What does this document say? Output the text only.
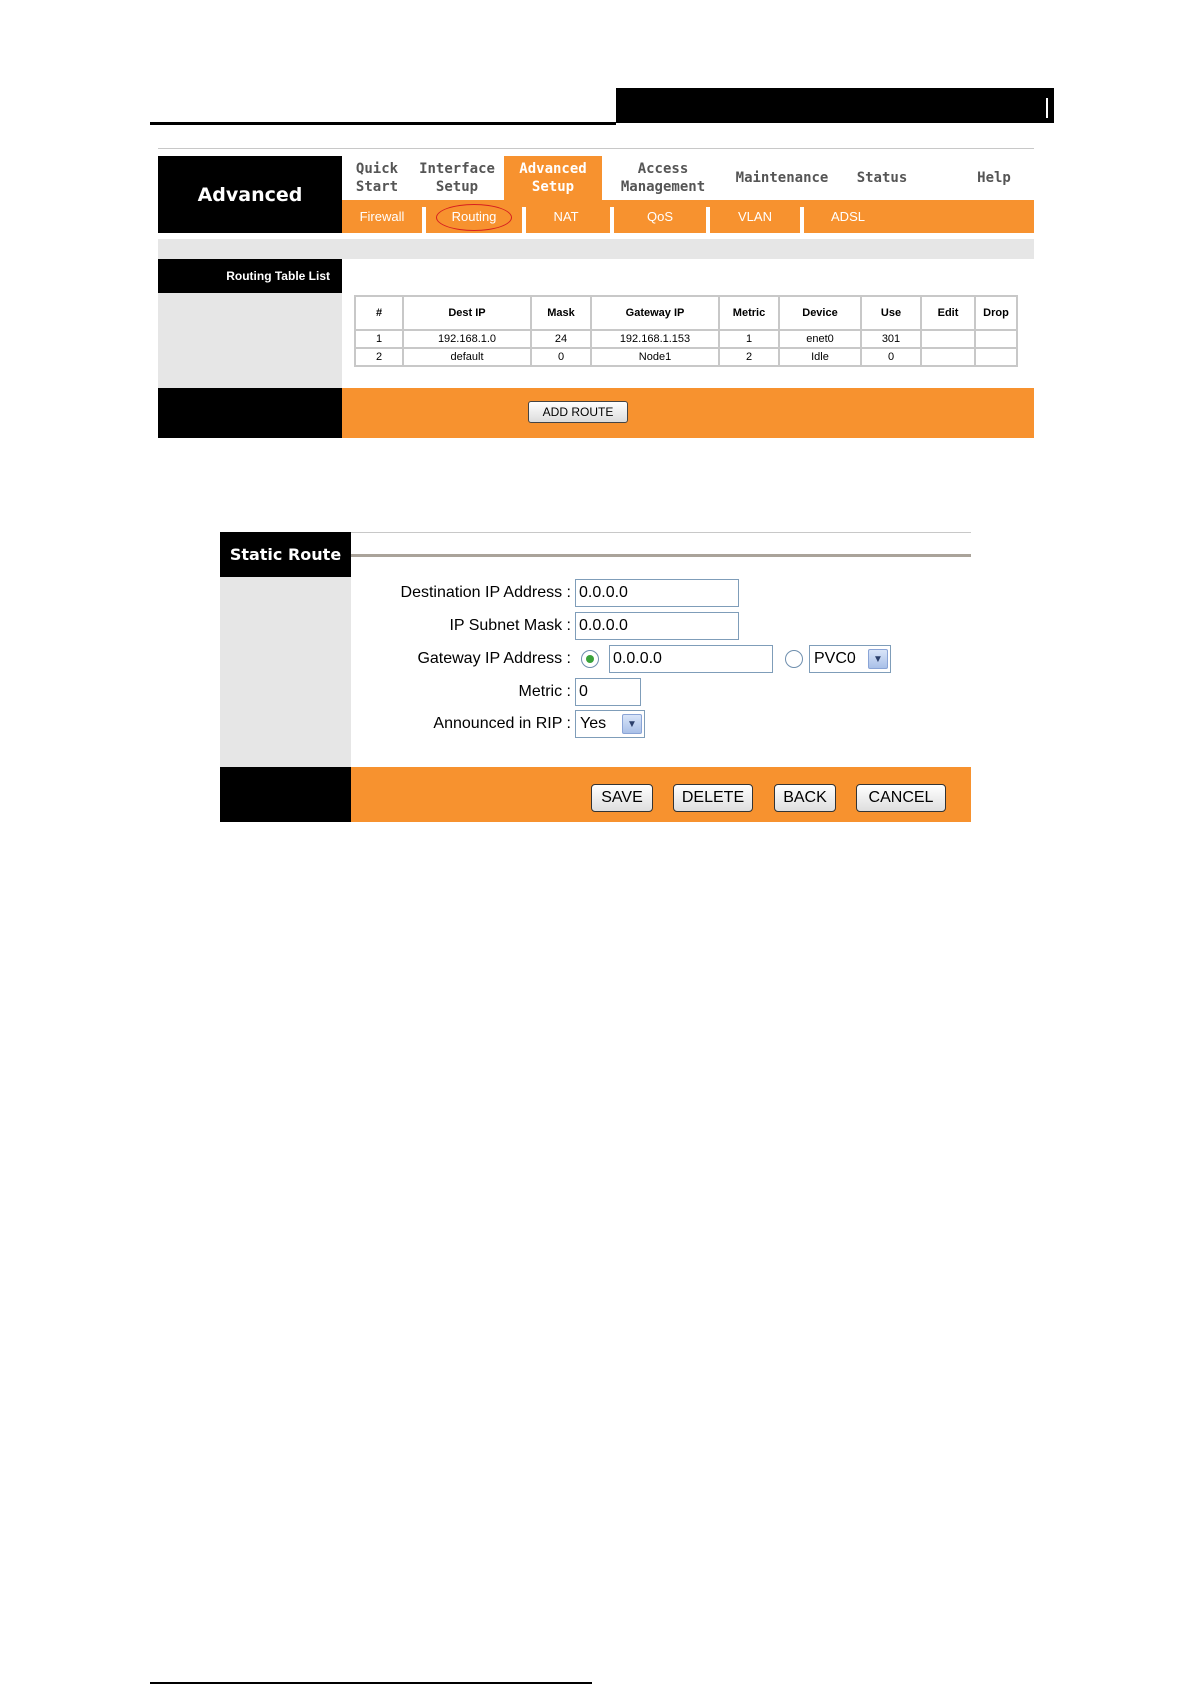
Advanced
Quick
Start
Interface
Setup
Advanced
Setup
Access
Management
Maintenance	Status	Help
Firewall	Routing	NAT	QoS	VLAN	ADSL
Routing Table List
#	Dest IP	Mask	Gateway IP	Metric	Device	Use	Edit	Drop
1	192.168.1.0	24	192.168.1.153	1	enet0	301		
2	default	0	Node1	2	Idle	0		
ADD ROUTE
Static Route
Destination IP Address : 0.0.0.0
IP Subnet Mask : 0.0.0.0
Gateway IP Address :	0.0.0.0	PVC0	▼
Metric : 0
Announced in RIP : Yes	▼
SAVE	DELETE	BACK	CANCEL
